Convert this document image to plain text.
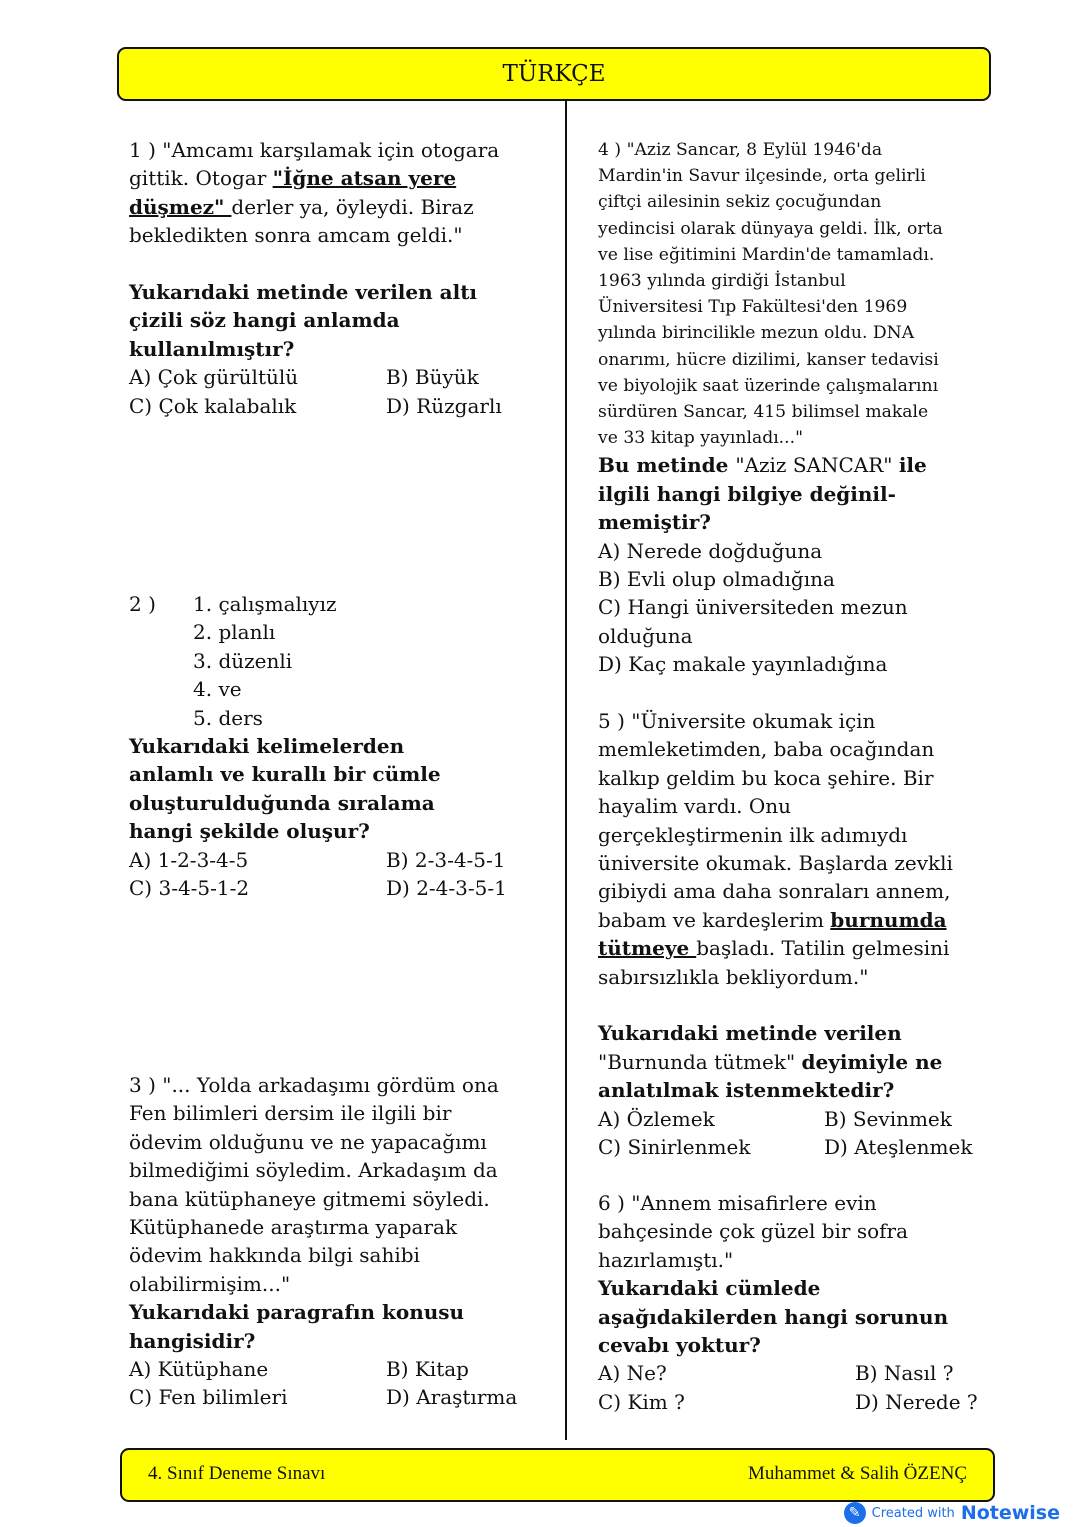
TÜRKÇE
1 ) "Amcamı karşılamak için otogara
gittik. Otogar "İğne atsan yere
düşmez" derler ya, öyleydi. Biraz
bekledikten sonra amcam geldi."
Yukarıdaki metinde verilen altı
çizili söz hangi anlamda
kullanılmıştır?
A) Çok gürültülü	B) Büyük
C) Çok kalabalık	D) Rüzgarlı
2 ) 1. çalışmalıyız
2. planlı
3. düzenli
4. ve
5. ders
Yukarıdaki kelimelerden
anlamlı ve kurallı bir cümle
oluşturulduğunda sıralama
hangi şekilde oluşur?
A) 1-2-3-4-5	B) 2-3-4-5-1
C) 3-4-5-1-2	D) 2-4-3-5-1
3 ) "... Yolda arkadaşımı gördüm ona
Fen bilimleri dersim ile ilgili bir
ödevim olduğunu ve ne yapacağımı
bilmediğimi söyledim. Arkadaşım da
bana kütüphaneye gitmemi söyledi.
Kütüphanede araştırma yaparak
ödevim hakkında bilgi sahibi
olabilirmişim..."
Yukarıdaki paragrafın konusu
hangisidir?
A) Kütüphane	B) Kitap
C) Fen bilimleri	D) Araştırma
4 ) "Aziz Sancar, 8 Eylül 1946'da
Mardin'in Savur ilçesinde, orta gelirli
çiftçi ailesinin sekiz çocuğundan
yedincisi olarak dünyaya geldi. İlk, orta
ve lise eğitimini Mardin'de tamamladı.
1963 yılında girdiği İstanbul
Üniversitesi Tıp Fakültesi'den 1969
yılında birincilikle mezun oldu. DNA
onarımı, hücre dizilimi, kanser tedavisi
ve biyolojik saat üzerinde çalışmalarını
sürdüren Sancar, 415 bilimsel makale
ve 33 kitap yayınladı..."
Bu metinde "Aziz SANCAR" ile
ilgili hangi bilgiye değinil-
memiştir?
A) Nerede doğduğuna
B) Evli olup olmadığına
C) Hangi üniversiteden mezun
olduğuna
D) Kaç makale yayınladığına
5 ) "Üniversite okumak için
memleketimden, baba ocağından
kalkıp geldim bu koca şehire. Bir
hayalim vardı. Onu
gerçekleştirmenin ilk adımıydı
üniversite okumak. Başlarda zevkli
gibiydi ama daha sonraları annem,
babam ve kardeşlerim burnumda
tütmeye başladı. Tatilin gelmesini
sabırsızlıkla bekliyordum."
Yukarıdaki metinde verilen
"Burnunda tütmek" deyimiyle ne
anlatılmak istenmektedir?
A) Özlemek	B) Sevinmek
C) Sinirlenmek	D) Ateşlenmek
6 ) "Annem misafirlere evin
bahçesinde çok güzel bir sofra
hazırlamıştı."
Yukarıdaki cümlede
aşağıdakilerden hangi sorunun
cevabı yoktur?
A) Ne?	B) Nasıl ?
C) Kim ?	D) Nerede ?
4. Sınıf Deneme Sınavı	Muhammet & Salih ÖZENÇ
✎ Created with Notewise
